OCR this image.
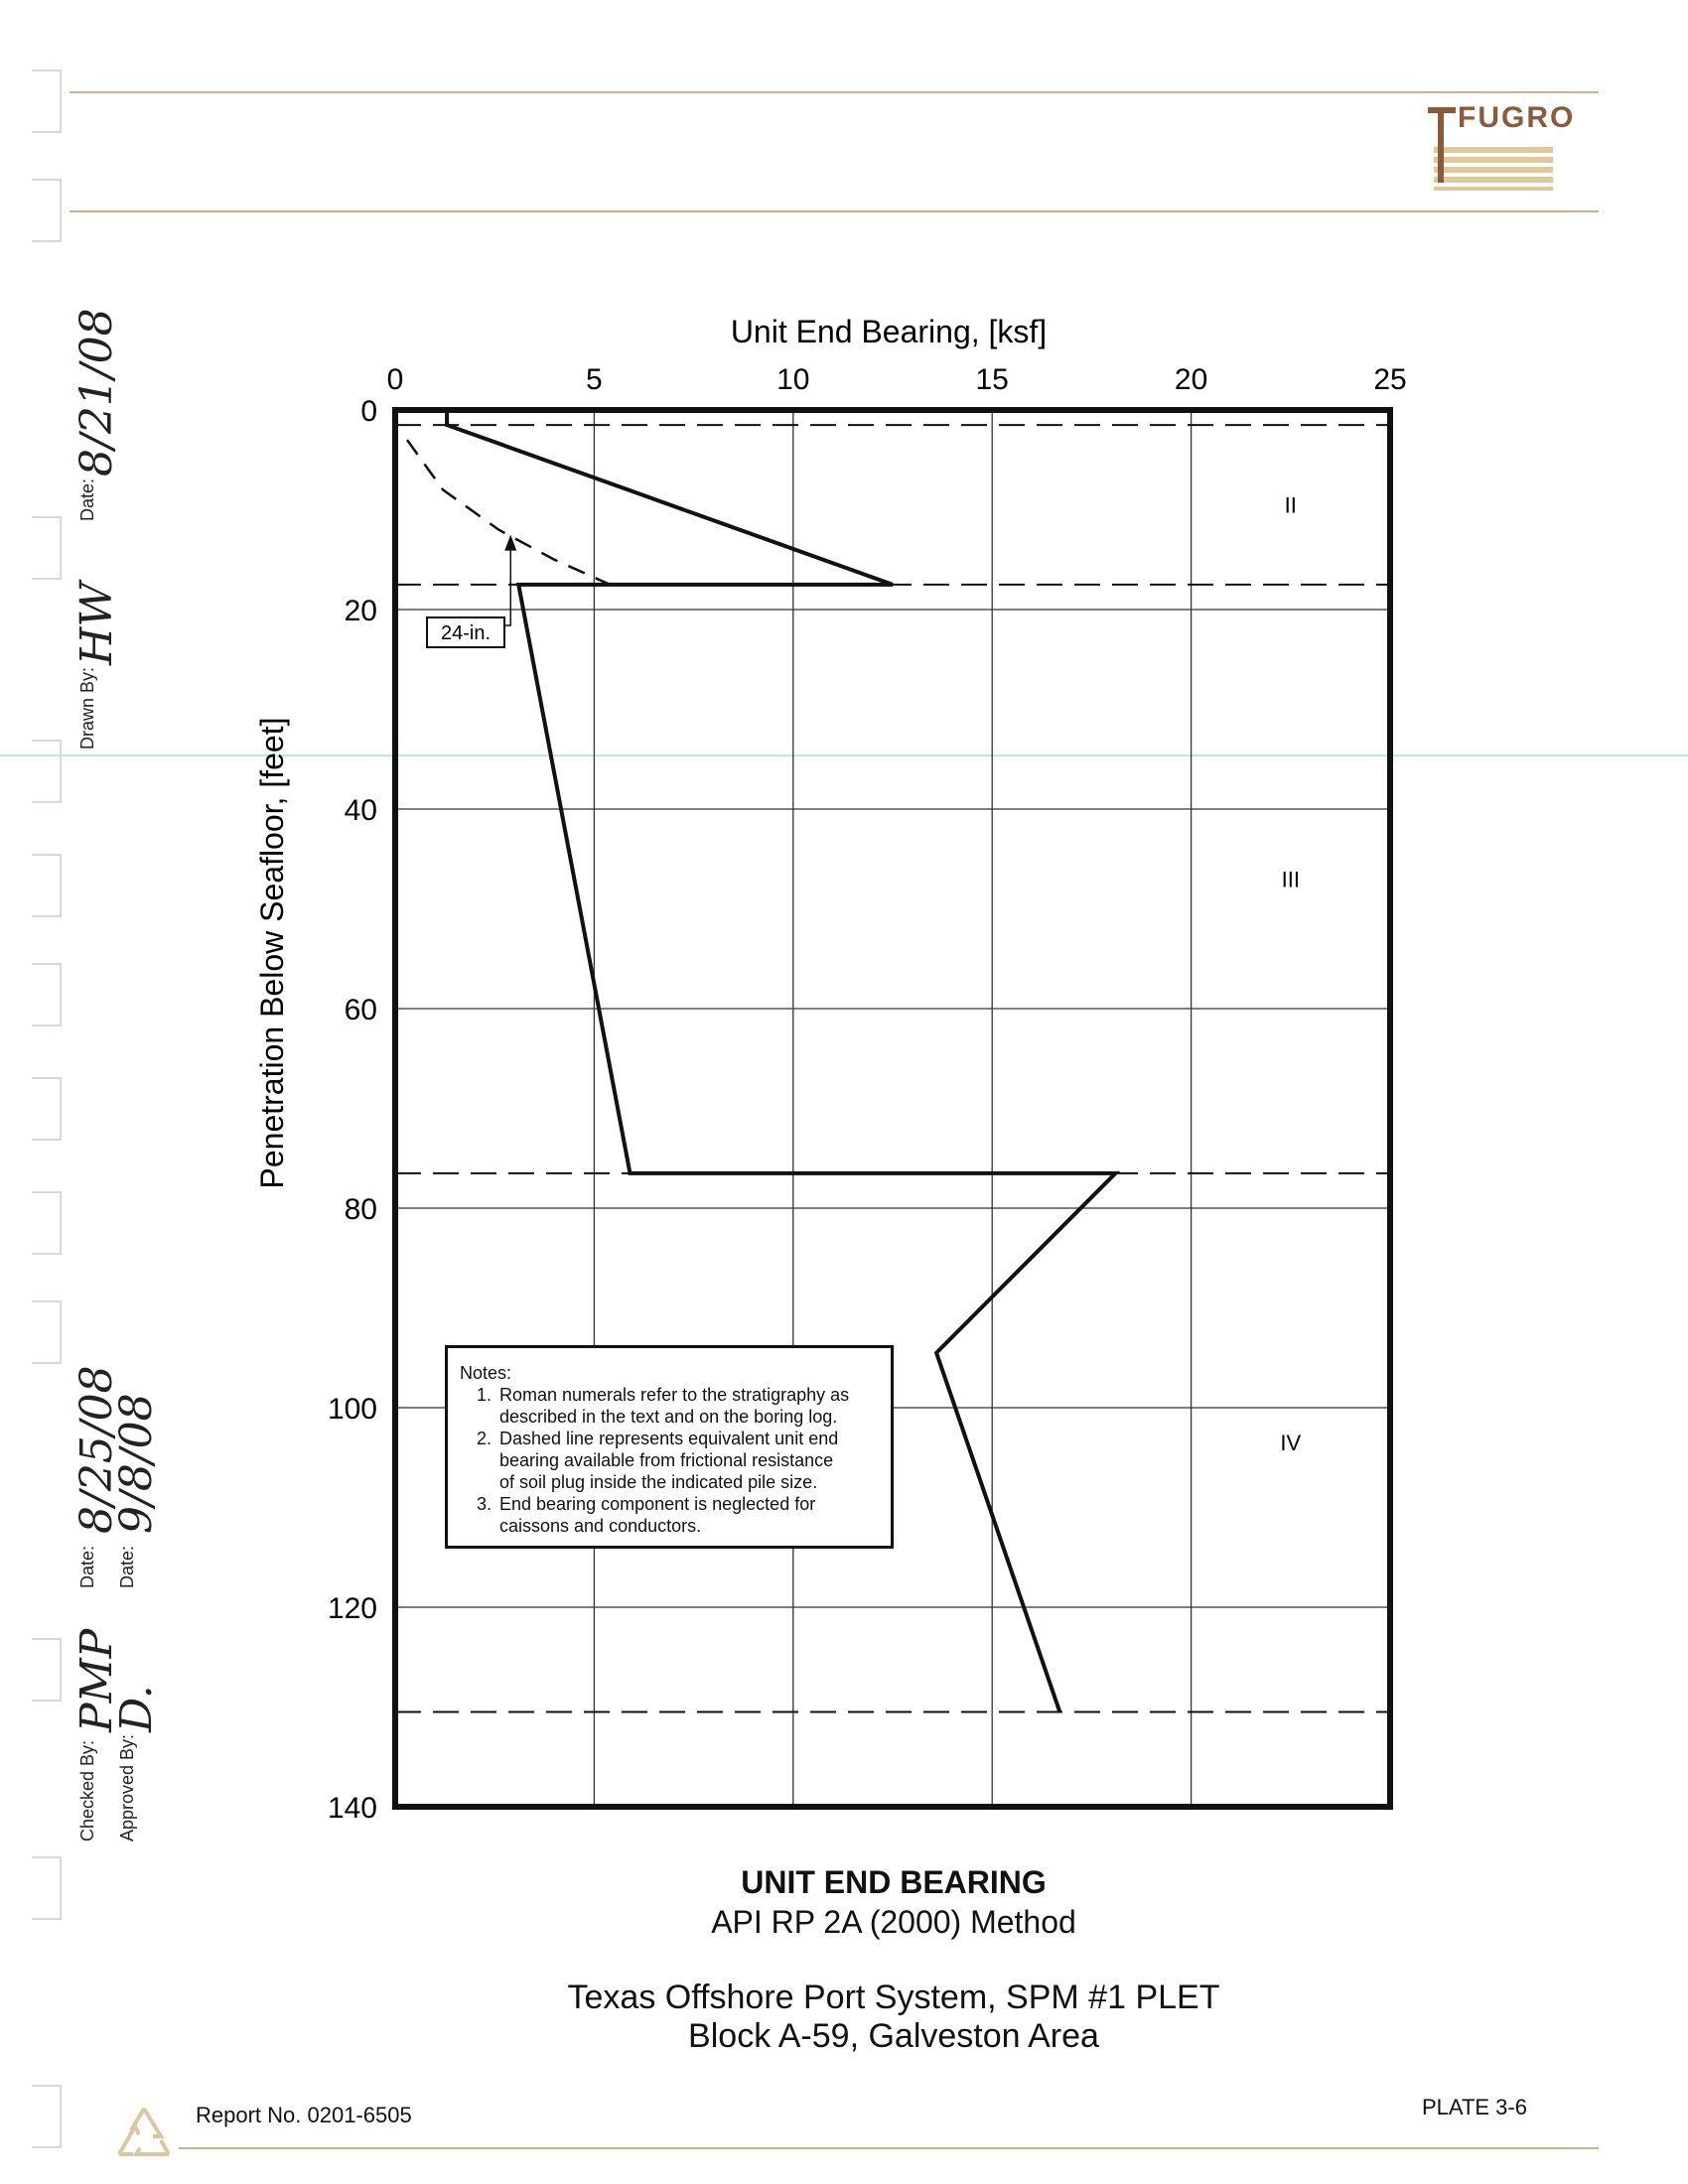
FUGRO
Drawn By:
HW
Date:
8/21/08
Checked By:
PMP
Date:
8/25/08
Approved By:
D.
Date:
9/8/08
Unit End Bearing, [ksf]
Penetration Below Seafloor, [feet]
0	5	10	15	20	25
0
20
40
60
80
100
120
140
II
III
IV
24-in.
Notes:
1. Roman numerals refer to the stratigraphy as
described in the text and on the boring log.
2. Dashed line represents equivalent unit end
bearing available from frictional resistance
of soil plug inside the indicated pile size.
3. End bearing component is neglected for
caissons and conductors.
UNIT END BEARING
API RP 2A (2000) Method
Texas Offshore Port System, SPM #1 PLET
Block A-59, Galveston Area
Report No. 0201-6505	PLATE 3-6
